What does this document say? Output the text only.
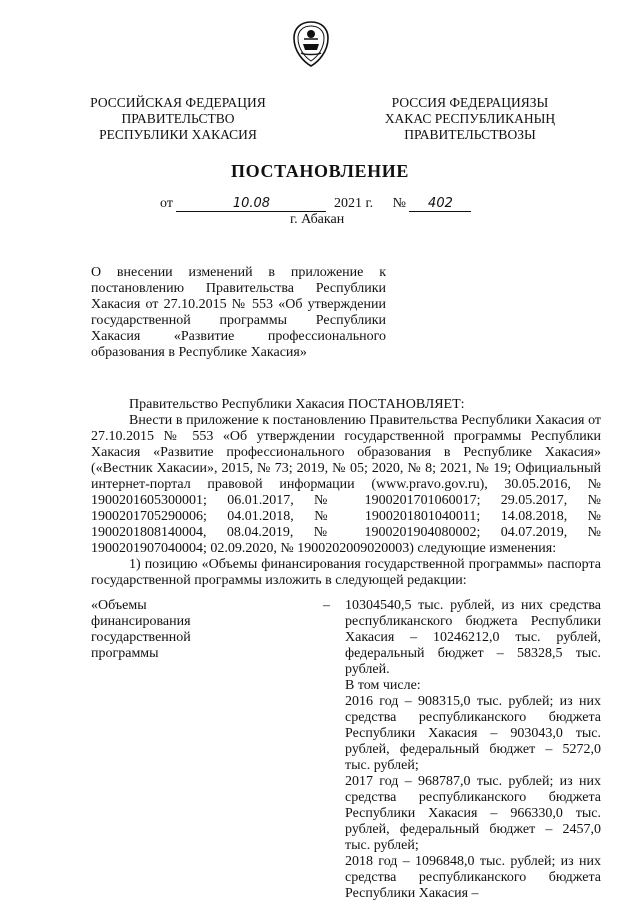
РОССИЙСКАЯ ФЕДЕРАЦИЯ
ПРАВИТЕЛЬСТВО
РЕСПУБЛИКИ ХАКАСИЯ
РОССИЯ ФЕДЕРАЦИЯЗЫ
ХАКАС РЕСПУБЛИКАНЫҢ
ПРАВИТЕЛЬСТВОЗЫ
ПОСТАНОВЛЕНИЕ
от	10.08	2021 г. № 402
г. Абакан
О внесении изменений в приложение к постановлению Правительства Республики Хакасия от 27.10.2015 № 553 «Об утверждении государственной программы Республики Хакасия «Развитие профессионального образования в Республике Хакасия»

Правительство Республики Хакасия ПОСТАНОВЛЯЕТ:

Внести в приложение к постановлению Правительства Республики Хакасия от 27.10.2015 № 553 «Об утверждении государственной программы Республики Хакасия «Развитие профессионального образования в Республике Хакасия» («Вестник Хакасии», 2015, № 73; 2019, № 05; 2020, № 8; 2021, № 19; Официальный интернет-портал правовой информации (www.pravo.gov.ru), 30.05.2016, № 1900201605300001; 06.01.2017, № 1900201701060017; 29.05.2017, № 1900201705290006; 04.01.2018, № 1900201801040011; 14.08.2018, № 1900201808140004, 08.04.2019, № 1900201904080002; 04.07.2019, № 1900201907040004; 02.09.2020, № 1900202009020003) следующие изменения:

1) позицию «Объемы финансирования государственной программы» паспорта государственной программы изложить в следующей редакции:

«Объемы
финансирования
государственной
программы
– 10304540,5 тыс. рублей, из них средства республиканского бюджета Республики Хакасия – 10246212,0 тыс. рублей, федеральный бюджет – 58328,5 тыс. рублей.

В том числе:

2016 год – 908315,0 тыс. рублей; из них средства республиканского бюджета Республики Хакасия – 903043,0 тыс. рублей, федеральный бюджет – 5272,0 тыс. рублей;

2017 год – 968787,0 тыс. рублей; из них средства республиканского бюджета Республики Хакасия – 966330,0 тыс. рублей, федеральный бюджет – 2457,0 тыс. рублей;

2018 год – 1096848,0 тыс. рублей; из них средства республиканского бюджета Республики Хакасия –
